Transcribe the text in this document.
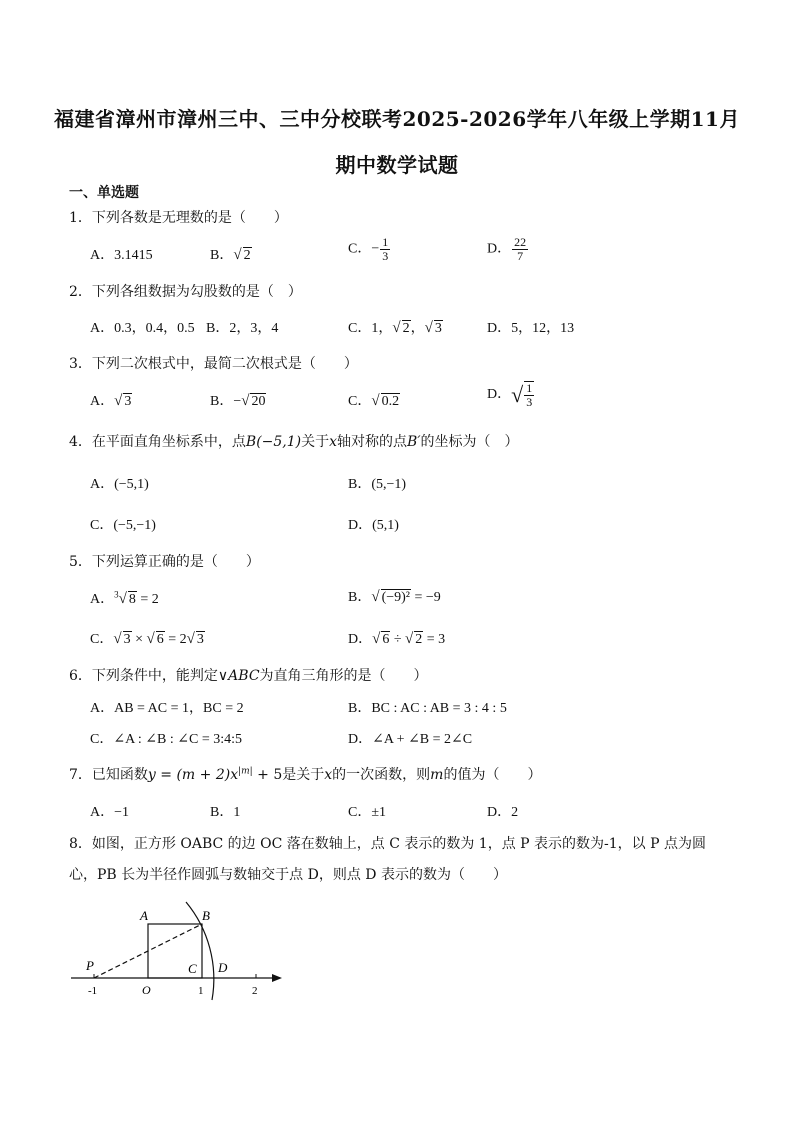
福建省漳州市漳州三中、三中分校联考2025-2026学年八年级上学期11月
期中数学试题
一、单选题
1．下列各数是无理数的是（　　）
A．3.1415	B．√ 2	C．− $\frac{1}{3}$	D． $\frac{22}{7}$
2．下列各组数据为勾股数的是（　）
A．0.3，0.4，0.5 B．2，3，4	C．1，√ 2，√ 3	D．5，12，13
3．下列二次根式中，最简二次根式是（　　）
A．√ 3	B．−√ 20	C．√ 0.2	D．√ $\frac{1}{3}$
4．在平面直角坐标系中，点B(−5,1)关于x轴对称的点B′的坐标为（　）
A．(−5,1)	B．(5,−1)
C．(−5,−1)	D．(5,1)
5．下列运算正确的是（　　）
A．$^3$√ 8 = 2	B．√ (−9)² = −9
C．√ 3 × √ 6 = 2√ 3	D．√ 6 ÷ √ 2 = 3
6．下列条件中，能判定∨ABC为直角三角形的是（　　）
A．AB = AC = 1，BC = 2	B．BC : AC : AB = 3 : 4 : 5
C．∠A : ∠B : ∠C = 3:4:5	D．∠A + ∠B = 2∠C
7．已知函数$y = (m + 2)x^{|m|} + 5$是关于x的一次函数，则m的值为（　　）
A．−1	B．1	C．±1	D．2
8．如图，正方形 OABC 的边 OC 落在数轴上，点 C 表示的数为 1，点 P 表示的数为-1，以 P 点为圆心，PB 长为半径作圆弧与数轴交于点 D，则点 D 表示的数为（　　）
P
A	B
C D
O
-1	1	2
